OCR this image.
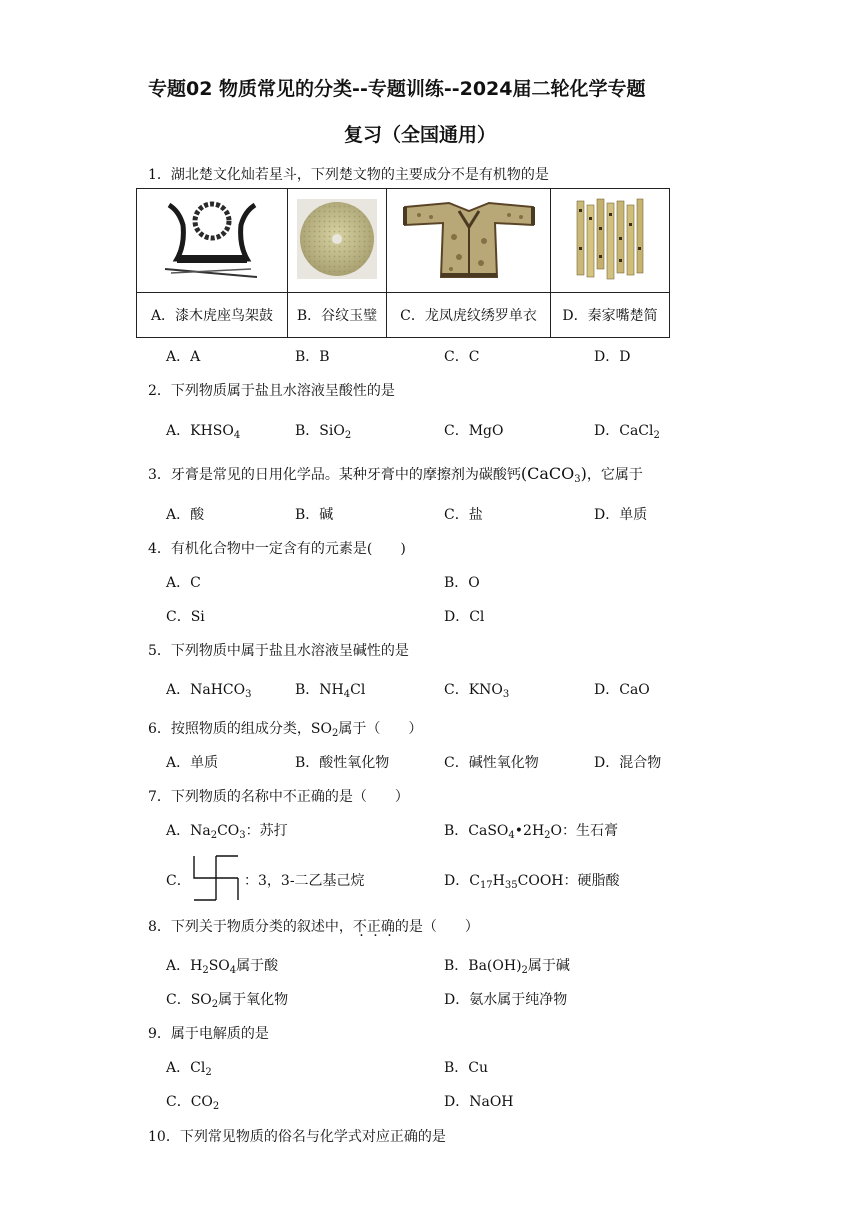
专题02 物质常见的分类--专题训练--2024届二轮化学专题
复习（全国通用）
1．湖北楚文化灿若星斗，下列楚文物的主要成分不是有机物的是

A．漆木虎座鸟架鼓	B．谷纹玉璧	C．龙凤虎纹绣罗单衣	D．秦家嘴楚简
A．A	B．B	C．C	D．D
2．下列物质属于盐且水溶液呈酸性的是
A．$KHSO_4$	B．SiO$_2$	C．MgO	D．CaCl$_2$
3．牙膏是常见的日用化学品。某种牙膏中的摩擦剂为碳酸钙(CaCO$_3$)，它属于
A．酸	B．碱	C．盐	D．单质
4．有机化合物中一定含有的元素是(　　)
A．C	B．O
C．Si	D．Cl
5．下列物质中属于盐且水溶液呈碱性的是
A．NaHCO$_3$	B．$NH_4Cl$	C．$KNO_3$	D．CaO
6．按照物质的组成分类，$SO_2$属于（　　）
A．单质	B．酸性氧化物	C．碱性氧化物	D．混合物
7．下列物质的名称中不正确的是（　　）
A．$Na_2CO_3$：苏打	B．$CaSO_4•2H_2O$：生石膏
C．	：3，3-二乙基己烷	D．$C_{17}H_{35}COOH$：硬脂酸
8．下列关于物质分类的叙述中，不正确的是（　　）
A．$H_2SO_4$属于酸	B．$Ba(OH)_2$属于碱
C．$SO_2$属于氧化物	D．氨水属于纯净物
9．属于电解质的是
A．$Cl_2$	B．Cu
C．$CO_2$	D．NaOH
10．下列常见物质的俗名与化学式对应正确的是
